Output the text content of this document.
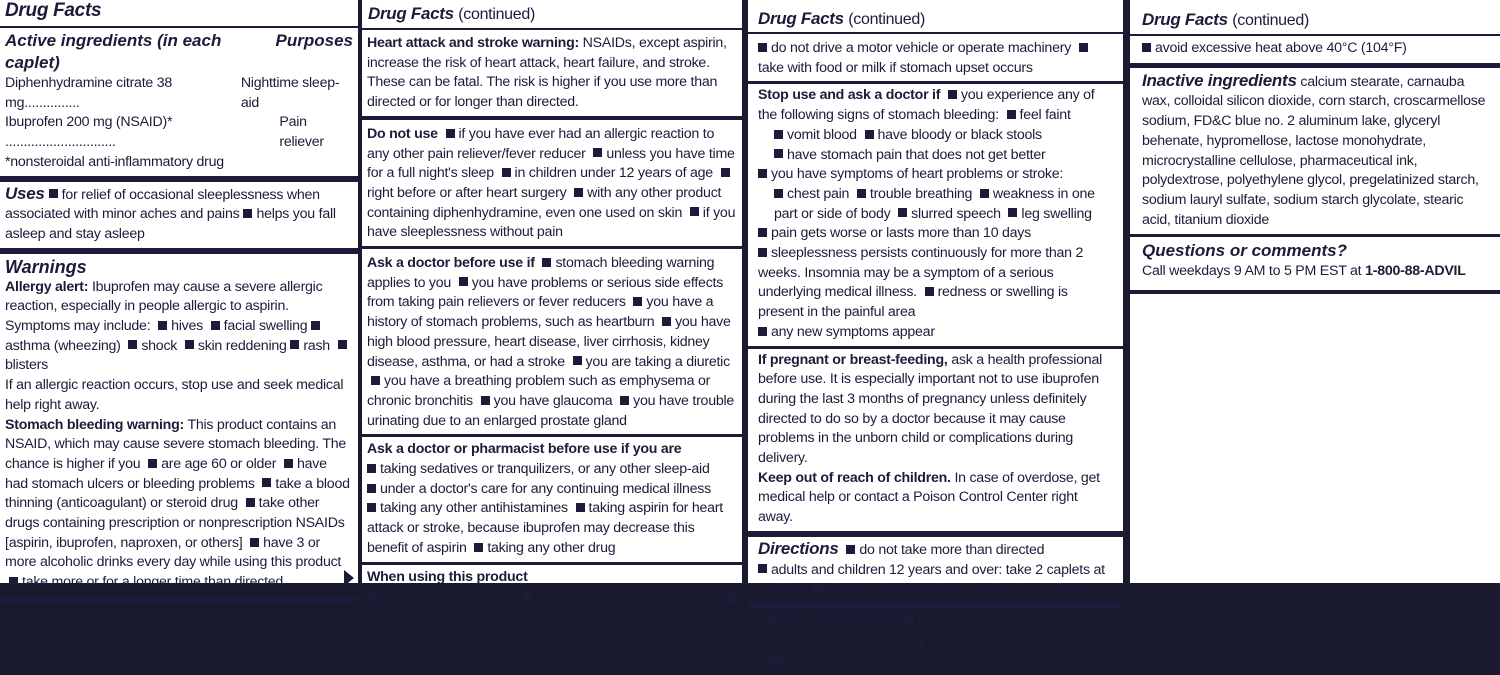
Drug Facts
Active ingredients (in each caplet)
Purposes
Diphenhydramine citrate 38 mg...............
Nighttime sleep-aid
Ibuprofen 200 mg (NSAID)* ..............................
Pain reliever
*nonsteroidal anti-inflammatory drug
Uses for relief of occasional sleeplessness when associated with minor aches and pains helps you fall asleep and stay asleep
Warnings
Allergy alert: Ibuprofen may cause a severe allergic reaction, especially in people allergic to aspirin.
Symptoms may include: hives facial swelling asthma (wheezing) shock skin reddening rash blisters
If an allergic reaction occurs, stop use and seek medical help right away.
Stomach bleeding warning: This product contains an NSAID, which may cause severe stomach bleeding. The chance is higher if you are age 60 or older have had stomach ulcers or bleeding problems take a blood thinning (anticoagulant) or steroid drug take other drugs containing prescription or nonprescription NSAIDs [aspirin, ibuprofen, naproxen, or others] have 3 or more alcoholic drinks every day while using this product take more or for a longer time than directed
Drug Facts (continued)
Heart attack and stroke warning: NSAIDs, except aspirin, increase the risk of heart attack, heart failure, and stroke. These can be fatal. The risk is higher if you use more than directed or for longer than directed.
Do not use if you have ever had an allergic reaction to any other pain reliever/fever reducer unless you have time for a full night's sleep in children under 12 years of age right before or after heart surgery with any other product containing diphenhydramine, even one used on skin if you have sleeplessness without pain
Ask a doctor before use if stomach bleeding warning applies to you you have problems or serious side effects from taking pain relievers or fever reducers you have a history of stomach problems, such as heartburn you have high blood pressure, heart disease, liver cirrhosis, kidney disease, asthma, or had a stroke you are taking a diuretic you have a breathing problem such as emphysema or chronic bronchitis you have glaucoma you have trouble urinating due to an enlarged prostate gland
Ask a doctor or pharmacist before use if you are
taking sedatives or tranquilizers, or any other sleep-aid
under a doctor's care for any continuing medical illness
taking any other antihistamines taking aspirin for heart attack or stroke, because ibuprofen may decrease this benefit of aspirin taking any other drug
When using this product
drowsiness will occur avoid alcoholic drinks
Drug Facts (continued)
do not drive a motor vehicle or operate machinery take with food or milk if stomach upset occurs
Stop use and ask a doctor if you experience any of the following signs of stomach bleeding: feel faint
vomit blood have bloody or black stools
have stomach pain that does not get better
you have symptoms of heart problems or stroke:
chest pain trouble breathing weakness in one part or side of body slurred speech leg swelling
pain gets worse or lasts more than 10 days
sleeplessness persists continuously for more than 2 weeks. Insomnia may be a symptom of a serious underlying medical illness. redness or swelling is present in the painful area
any new symptoms appear
If pregnant or breast-feeding, ask a health professional before use. It is especially important not to use ibuprofen during the last 3 months of pregnancy unless definitely directed to do so by a doctor because it may cause problems in the unborn child or complications during delivery.
Keep out of reach of children. In case of overdose, get medical help or contact a Poison Control Center right away.
Directions do not take more than directed
adults and children 12 years and over: take 2 caplets at bedtime do not take more than 2 caplets in 24 hours
Other information read all warnings and directions before use. Keep carton. store at 20-25°C (68-77°F)
Drug Facts (continued)
avoid excessive heat above 40°C (104°F)
Inactive ingredients calcium stearate, carnauba wax, colloidal silicon dioxide, corn starch, croscarmellose sodium, FD&C blue no. 2 aluminum lake, glyceryl behenate, hypromellose, lactose monohydrate, microcrystalline cellulose, pharmaceutical ink, polydextrose, polyethylene glycol, pregelatinized starch, sodium lauryl sulfate, sodium starch glycolate, stearic acid, titanium dioxide
Questions or comments?
Call weekdays 9 AM to 5 PM EST at 1-800-88-ADVIL
